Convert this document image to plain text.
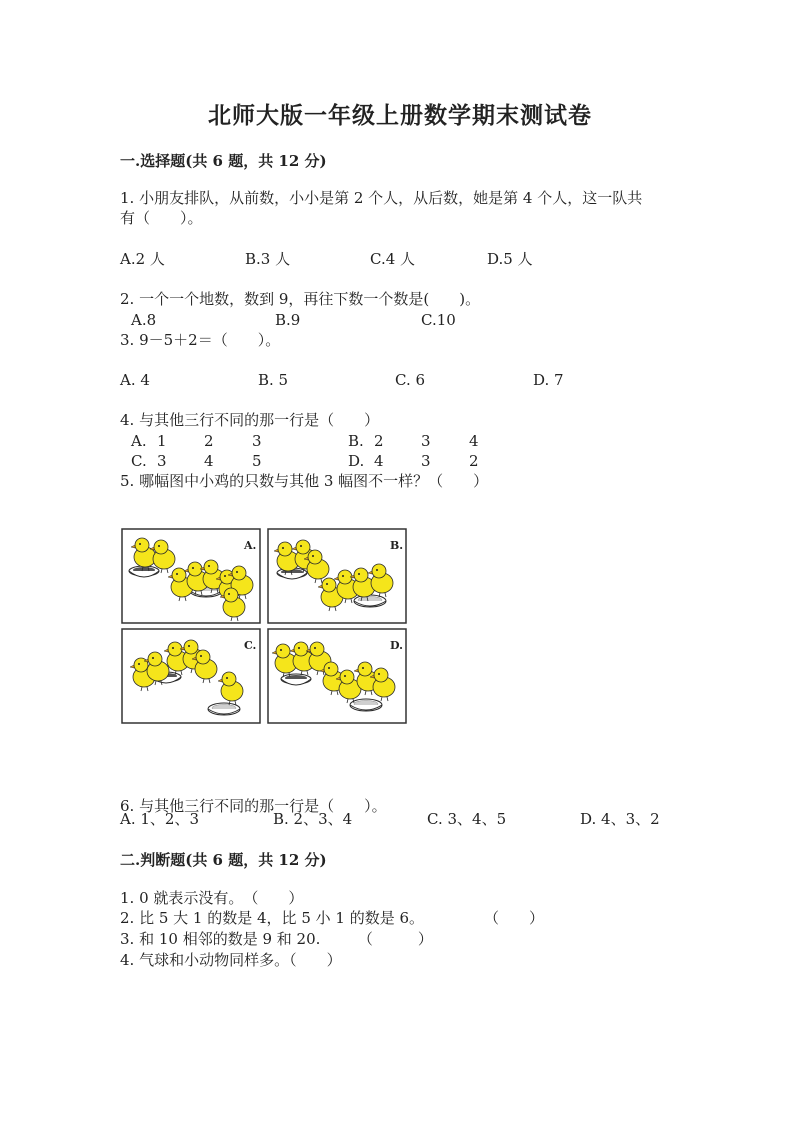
北师大版一年级上册数学期末测试卷
一.选择题(共 6 题，共 12 分)
1. 小朋友排队，从前数，小小是第 2 个人，从后数，她是第 4 个人，这一队共
有（　　）。
A.2 人	B.3 人	C.4 人	D.5 人
2. 一个一个地数，数到 9，再往下数一个数是(　　)。
A.8	B.9	C.10
3. 9－5＋2＝（　　）。
A. 4	B. 5	C. 6	D. 7
4. 与其他三行不同的那一行是（　　）
A. 1 2	3	B. 2 3	4
C. 3 4	5	D. 4 3	2
5. 哪幅图中小鸡的只数与其他 3 幅图不一样？（　　）
A.	B.
C.	D.
6. 与其他三行不同的那一行是（　　）。
A. 1、2、3	B. 2、3、4	C. 3、4、5	D. 4、3、2
二.判断题(共 6 题，共 12 分)
1. 0 就表示没有。　（　　）
2. 比 5 大 1 的数是 4，比 5 小 1 的数是 6。　　　　　（　　）
3. 和 10 相邻的数是 9 和 20.　　　（　　　）
4. 气球和小动物同样多。（　　）
